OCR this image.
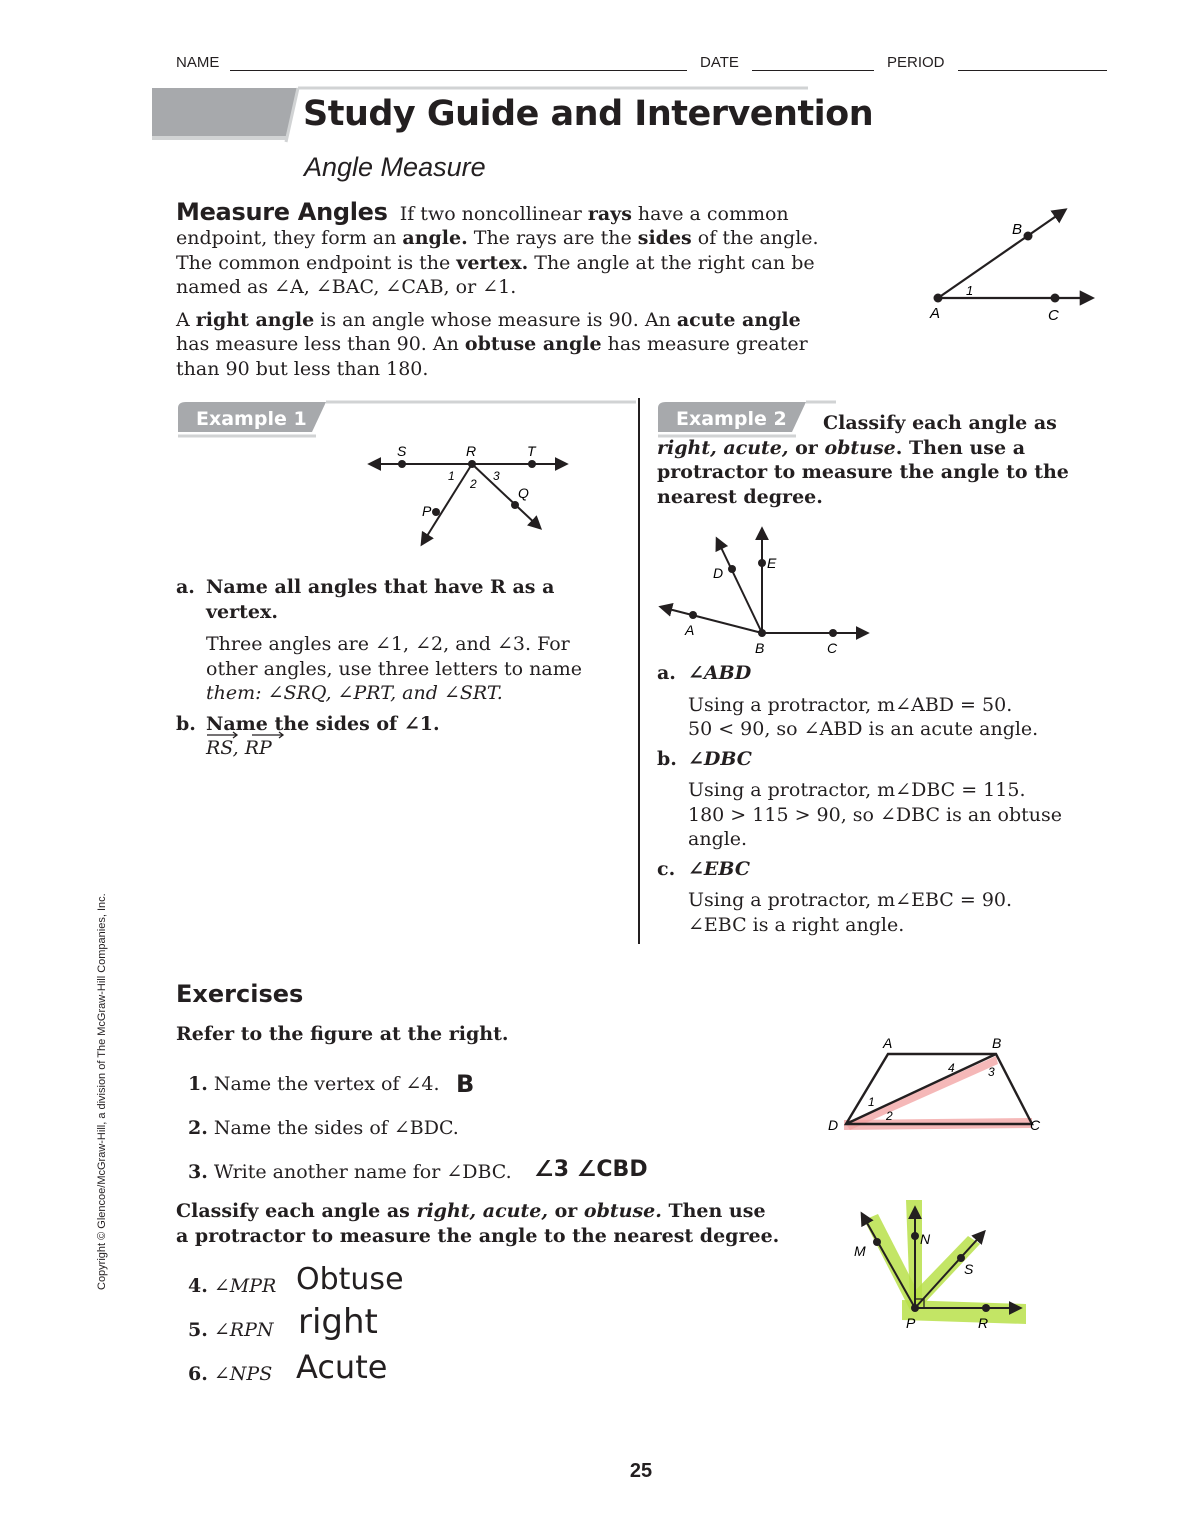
NAME	DATE	PERIOD
Study Guide and Intervention
Angle Measure
Measure Angles If two noncollinear rays have a common
endpoint, they form an angle. The rays are the sides of the angle.
The common endpoint is the vertex. The angle at the right can be
named as ∠A, ∠BAC, ∠CAB, or ∠1.
A right angle is an angle whose measure is 90. An acute angle
has measure less than 90. An obtuse angle has measure greater
than 90 but less than 180.
B
A	C
1
Example 1
S	R	T
P
Q
1
2
3
a. Name all angles that have R as a
vertex.
Three angles are ∠1, ∠2, and ∠3. For
other angles, use three letters to name
them: ∠SRQ, ∠PRT, and ∠SRT.
b. Name the sides of ∠1.
RS, RP
Example 2	Classify each angle as
right, acute, or obtuse. Then use a
protractor to measure the angle to the
nearest degree.
D
E
A
B	C
a. ∠ABD
Using a protractor, m∠ABD = 50.
50 < 90, so ∠ABD is an acute angle.
b. ∠DBC
Using a protractor, m∠DBC = 115.
180 > 115 > 90, so ∠DBC is an obtuse
angle.
c. ∠EBC
Using a protractor, m∠EBC = 90.
∠EBC is a right angle.
Exercises
Refer to the figure at the right.
1. Name the vertex of ∠4. B
2. Name the sides of ∠BDC.
3. Write another name for ∠DBC. ∠3 ∠CBD
Classify each angle as right, acute, or obtuse. Then use
a protractor to measure the angle to the nearest degree.
4. ∠MPR Obtuse
5. ∠RPN right
6. ∠NPS Acute
A	B
D	C
1
2
3
4
M
N
S
P	R
Copyright © Glencoe/McGraw-Hill, a division of The McGraw-Hill Companies, Inc.
25
